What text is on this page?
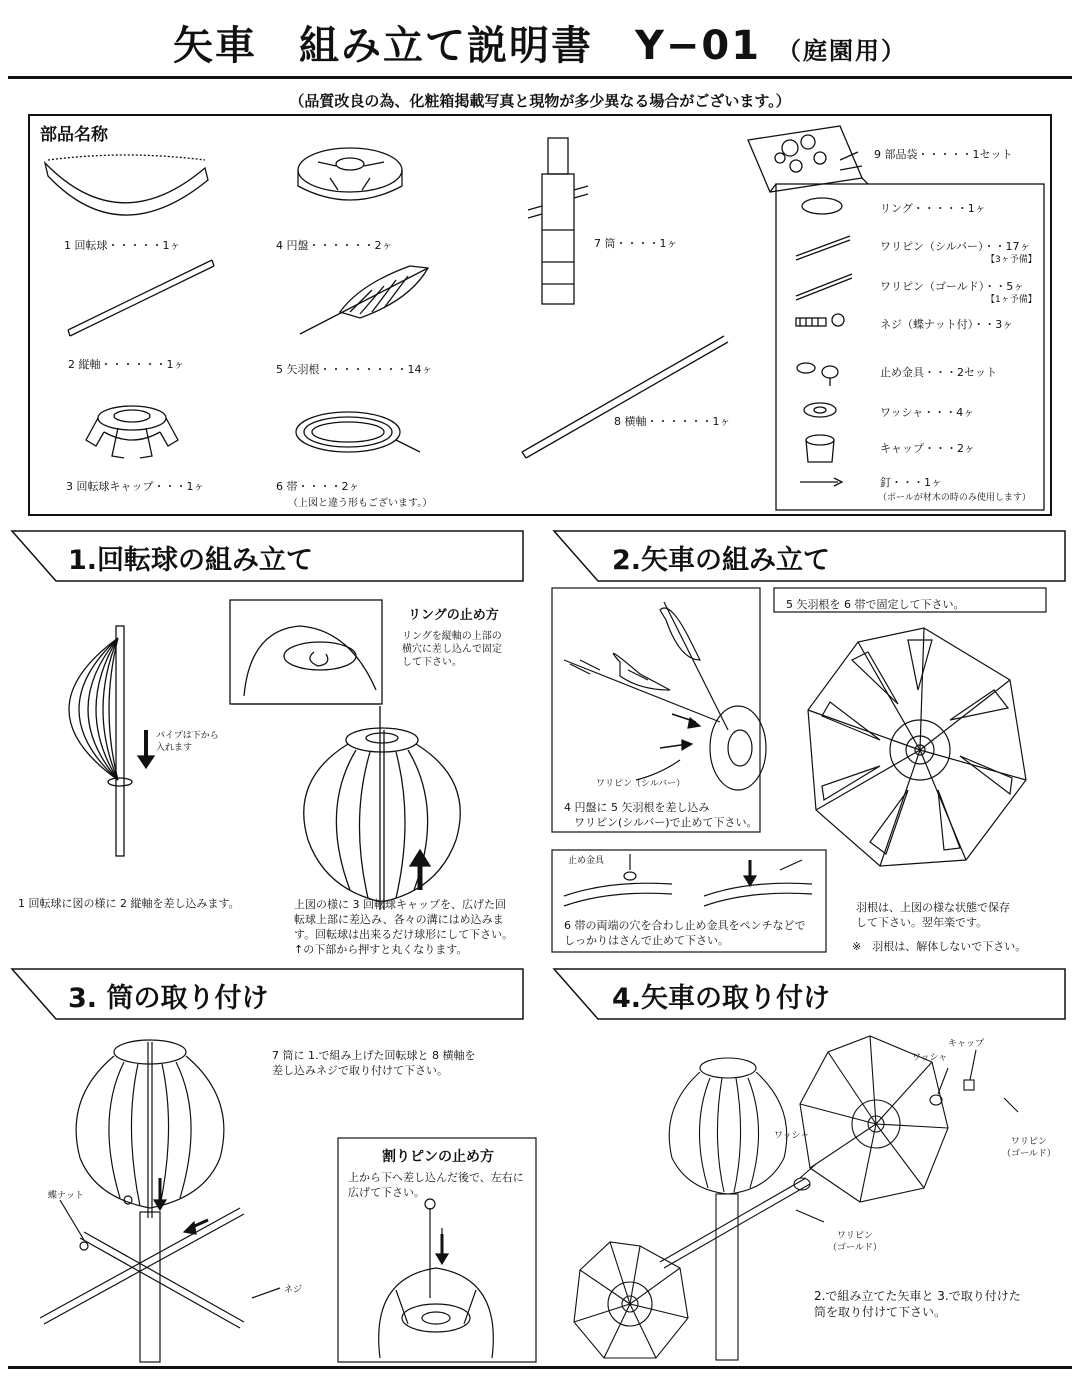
矢車　組み立て説明書　Y−01 （庭園用）
（品質改良の為、化粧箱掲載写真と現物が多少異なる場合がございます。）
部品名称
1 回転球・・・・・1ヶ
2 縦軸・・・・・・1ヶ
3 回転球キャップ・・・1ヶ
4 円盤・・・・・・2ヶ
5 矢羽根・・・・・・・・14ヶ
6 帯・・・・2ヶ
（上図と違う形もございます。）
7 筒・・・・1ヶ
8 横軸・・・・・・1ヶ
9 部品袋・・・・・1セット
リング・・・・・1ヶ
ワリピン（シルバー）・・17ヶ
【3ヶ予備】
ワリピン（ゴールド）・・5ヶ
【1ヶ予備】
ネジ（蝶ナット付）・・3ヶ
止め金具・・・2セット
ワッシャ・・・4ヶ
キャップ・・・2ヶ
釘・・・1ヶ
（ポールが材木の時のみ使用します）
1.回転球の組み立て	2.矢車の組み立て
3. 筒の取り付け	4.矢車の取り付け
リングの止め方
リングを縦軸の上部の
横穴に差し込んで固定
して下さい。
パイプは下から
入れます
1 回転球に図の様に 2 縦軸を差し込みます。	上図の様に 3 回転球キャップを、広げた回
転球上部に差込み、各々の溝にはめ込みま
す。回転球は出来るだけ球形にして下さい。
↑の下部から押すと丸くなります。
5 矢羽根を 6 帯で固定して下さい。
ワリピン（シルバー）
4 円盤に 5 矢羽根を差し込み
ワリピン(シルバー)で止めて下さい。
止め金具
6 帯の両端の穴を合わし止め金具をペンチなどで
しっかりはさんで止めて下さい。
羽根は、上図の様な状態で保存
して下さい。翌年楽です。
※　羽根は、解体しないで下さい。
7 筒に 1.で組み上げた回転球と 8 横軸を
差し込みネジで取り付けて下さい。
蝶ナット
ネジ
割りピンの止め方
上から下へ差し込んだ後で、左右に
広げて下さい。
キャップ
ワッシャ
ワッシャ
ワリピン
（ゴールド）
ワリピン
（ゴールド）
2.で組み立てた矢車と 3.で取り付けた
筒を取り付けて下さい。
